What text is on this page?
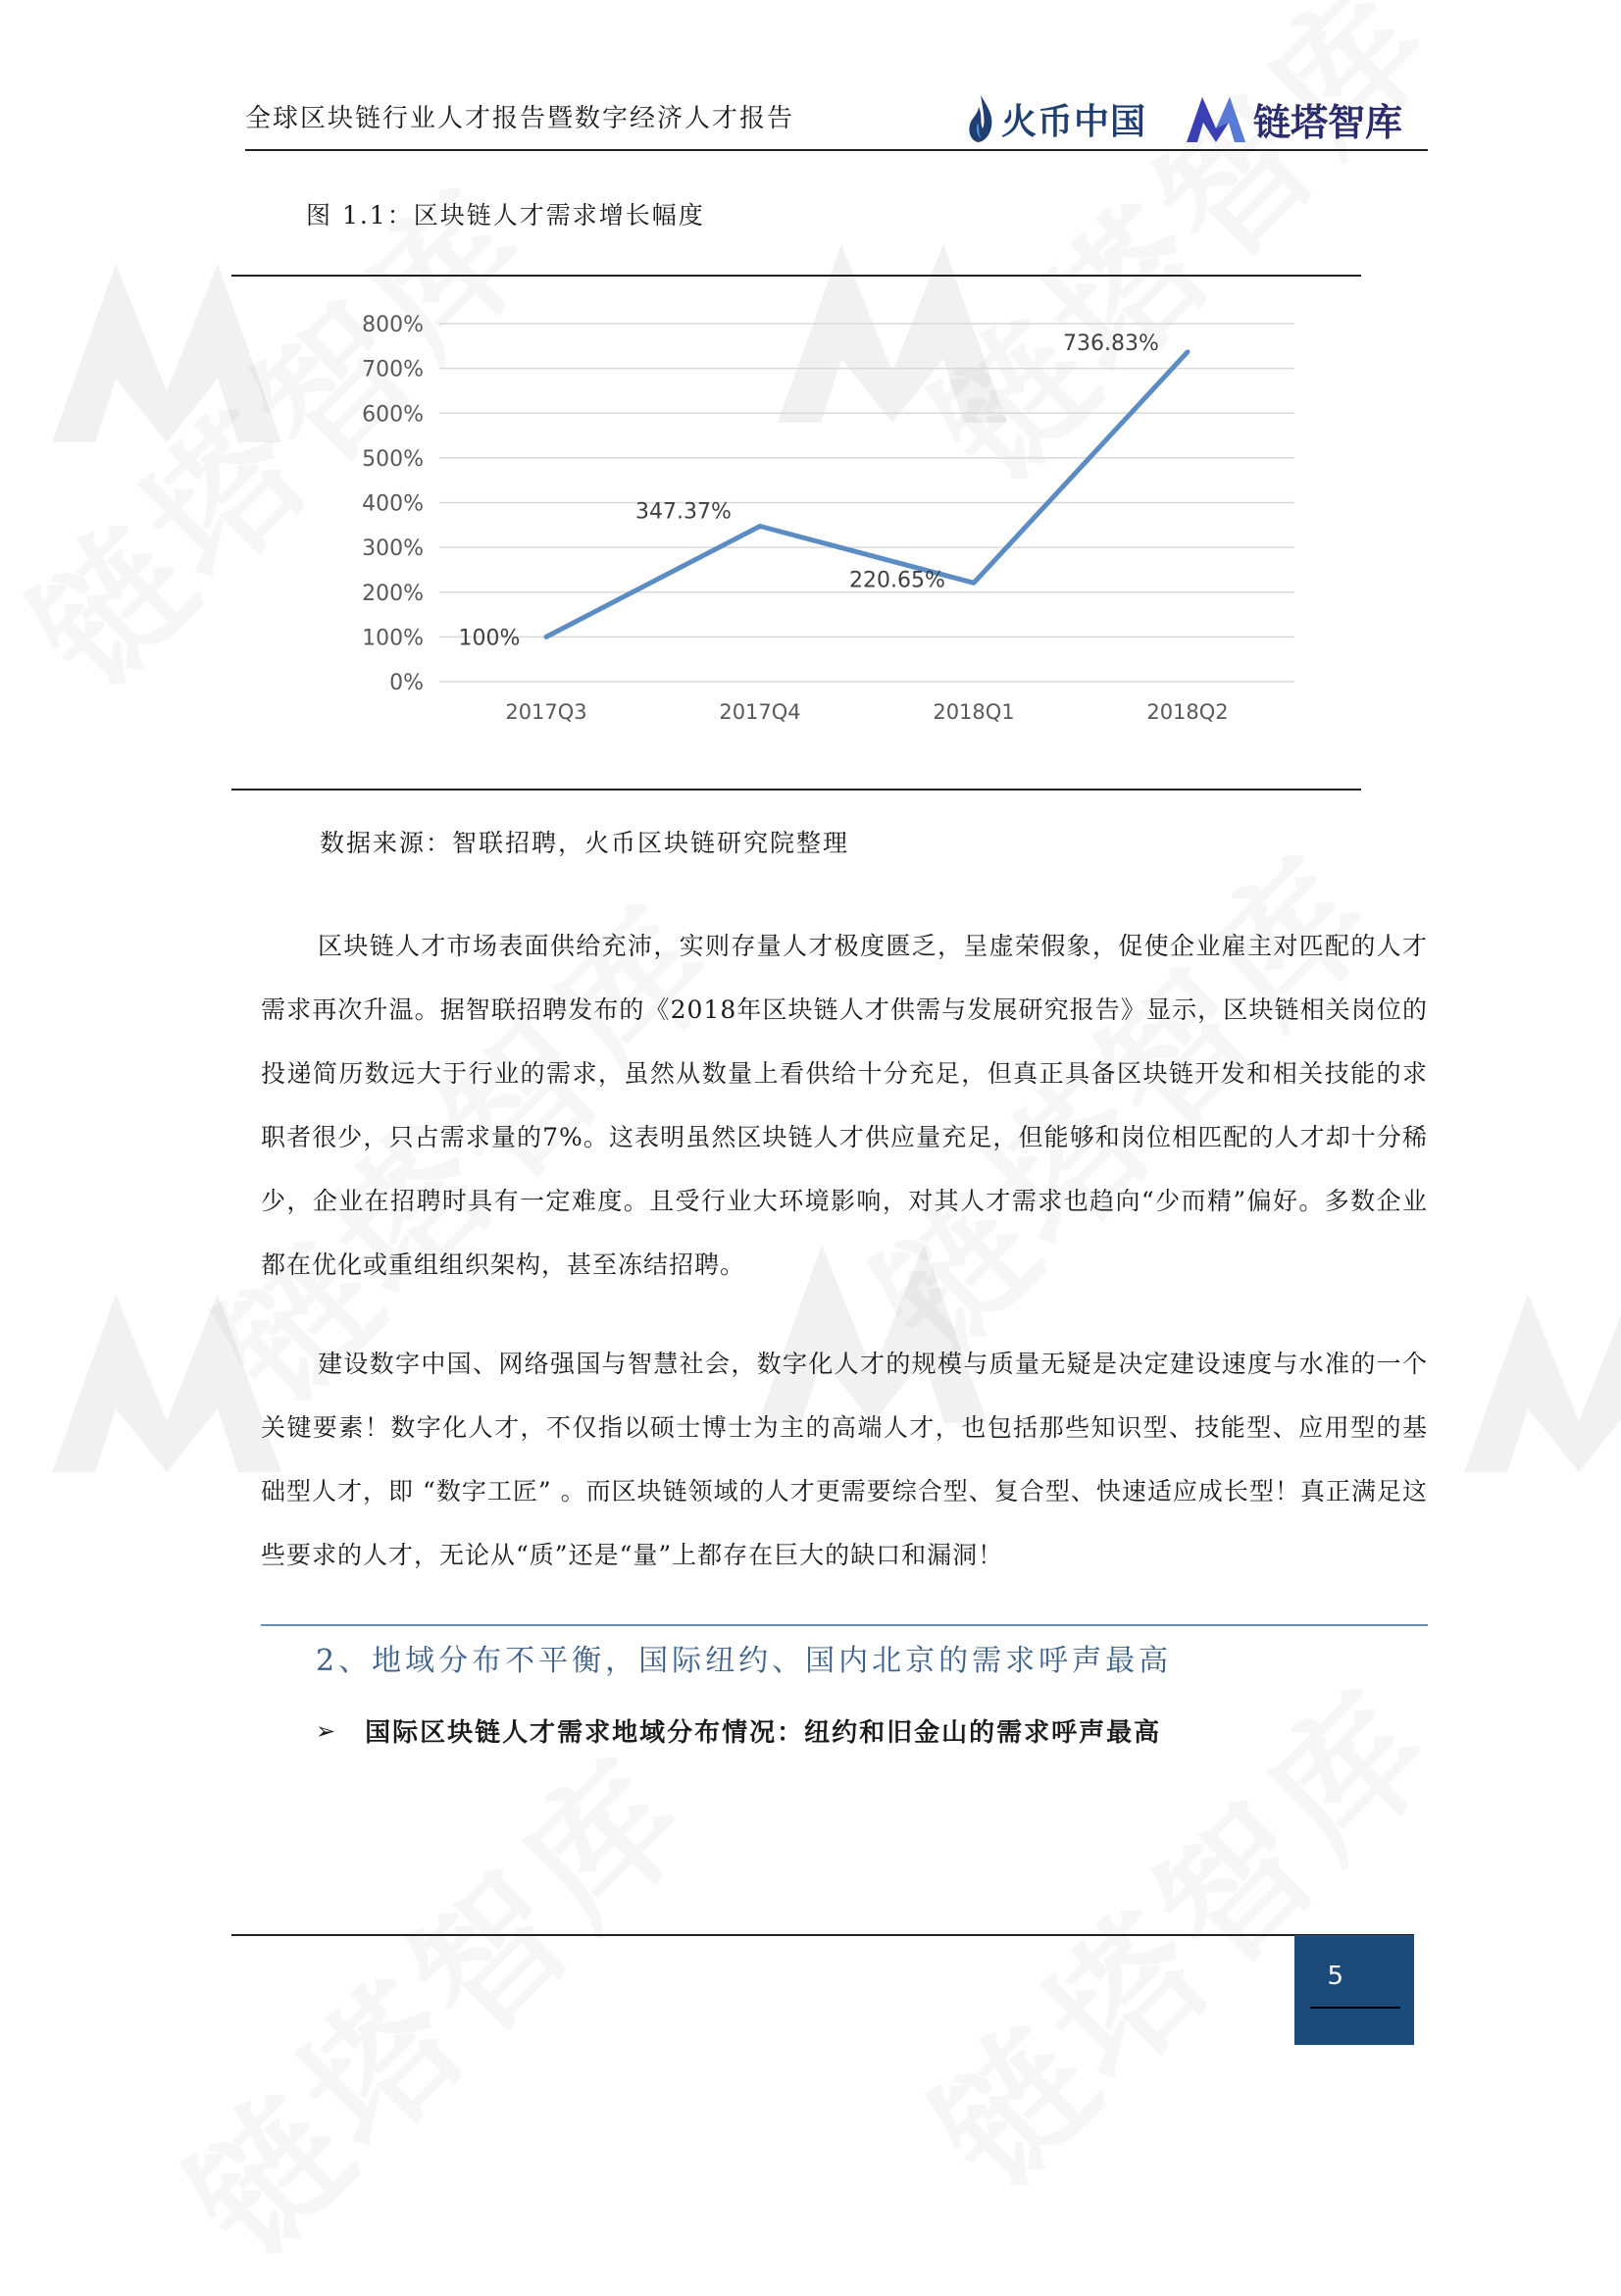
全球区块链行业人才报告暨数字经济人才报告	火币中国	链塔智库
图 1.1：区块链人才需求增长幅度
0%
100%
200%
300%
400%
500%
600%
700%
800%
2017Q3	2017Q4	2018Q1	2018Q2
100%
347.37%
220.65%
736.83%
数据来源：智联招聘，火币区块链研究院整理

区块链人才市场表面供给充沛，实则存量人才极度匮乏，呈虚荣假象，促使企业雇主对匹配的人才需求再次升温。据智联招聘发布的《2018年区块链人才供需与发展研究报告》显示，区块链相关岗位的投递简历数远大于行业的需求，虽然从数量上看供给十分充足，但真正具备区块链开发和相关技能的求职者很少，只占需求量的7%。这表明虽然区块链人才供应量充足，但能够和岗位相匹配的人才却十分稀少，企业在招聘时具有一定难度。且受行业大环境影响，对其人才需求也趋向“少而精”偏好。多数企业都在优化或重组组织架构，甚至冻结招聘。

建设数字中国、网络强国与智慧社会，数字化人才的规模与质量无疑是决定建设速度与水准的一个关键要素！数字化人才，不仅指以硕士博士为主的高端人才，也包括那些知识型、技能型、应用型的基础型人才，即 “数字工匠” 。而区块链领域的人才更需要综合型、复合型、快速适应成长型！真正满足这些要求的人才，无论从“质”还是“量”上都存在巨大的缺口和漏洞！

2、地域分布不平衡，国际纽约、国内北京的需求呼声最高
➢ 国际区块链人才需求地域分布情况：纽约和旧金山的需求呼声最高
5
